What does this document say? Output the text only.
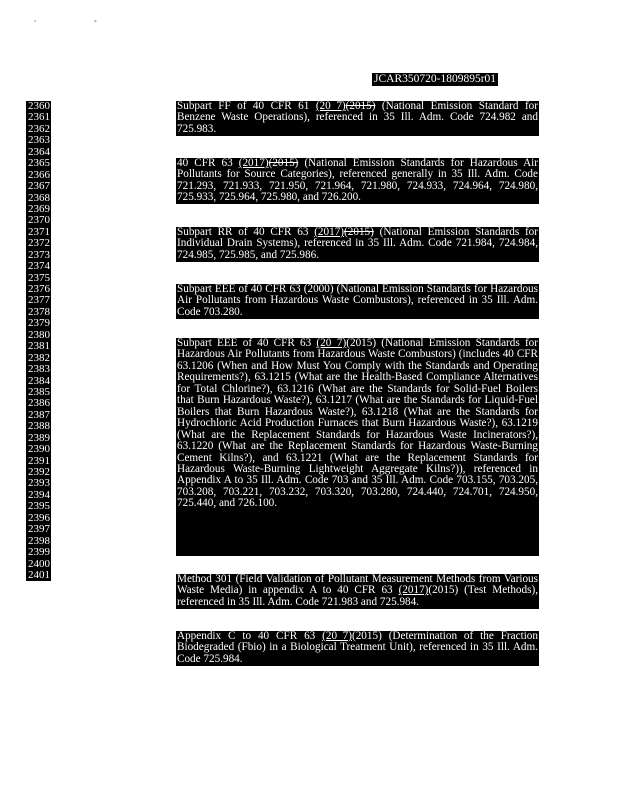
° *
JCAR350720-1809895r01
2360
2361
2362
2363
2364
2365
2366
2367
2368
2369
2370
2371
2372
2373
2374
2375
2376
2377
2378
2379
2380
2381
2382
2383
2384
2385
2386
2387
2388
2389
2390
2391
2392
2393
2394
2395
2396
2397
2398
2399
2400
2401
Subpart FF of 40 CFR 61 (20_7)(2015) (National Emission Standard for Benzene Waste Operations), referenced in 35 Ill. Adm. Code 724.982 and 725.983.
40 CFR 63 (2017)(2015) (National Emission Standards for Hazardous Air Pollutants for Source Categories), referenced generally in 35 Ill. Adm. Code 721.293, 721.933, 721.950, 721.964, 721.980, 724.933, 724.964, 724.980, 725.933, 725.964, 725.980, and 726.200.
Subpart RR of 40 CFR 63 (2017)(2015) (National Emission Standards for Individual Drain Systems), referenced in 35 Ill. Adm. Code 721.984, 724.984, 724.985, 725.985, and 725.986.
Subpart EEE of 40 CFR 63 (2000) (National Emission Standards for Hazardous Air Pollutants from Hazardous Waste Combustors), referenced in 35 Ill. Adm. Code 703.280.
Subpart EEE of 40 CFR 63 (20_7)(2015) (National Emission Standards for Hazardous Air Pollutants from Hazardous Waste Combustors) (includes 40 CFR 63.1206 (When and How Must You Comply with the Standards and Operating Requirements?), 63.1215 (What are the Health-Based Compliance Alternatives for Total Chlorine?), 63.1216 (What are the Standards for Solid-Fuel Boilers that Burn Hazardous Waste?), 63.1217 (What are the Standards for Liquid-Fuel Boilers that Burn Hazardous Waste?), 63.1218 (What are the Standards for Hydrochloric Acid Production Furnaces that Burn Hazardous Waste?), 63.1219 (What are the Replacement Standards for Hazardous Waste Incinerators?), 63.1220 (What are the Replacement Standards for Hazardous Waste-Burning Cement Kilns?), and 63.1221 (What are the Replacement Standards for Hazardous Waste-Burning Lightweight Aggregate Kilns?)), referenced in Appendix A to 35 Ill. Adm. Code 703 and 35 Ill. Adm. Code 703.155, 703.205, 703.208, 703.221, 703.232, 703.320, 703.280, 724.440, 724.701, 724.950, 725.440, and 726.100.
Method 301 (Field Validation of Pollutant Measurement Methods from Various Waste Media) in appendix A to 40 CFR 63 (2017)(2015) (Test Methods), referenced in 35 Ill. Adm. Code 721.983 and 725.984.
Appendix C to 40 CFR 63 (20_7)(2015) (Determination of the Fraction Biodegraded (Fbio) in a Biological Treatment Unit), referenced in 35 Ill. Adm. Code 725.984.
